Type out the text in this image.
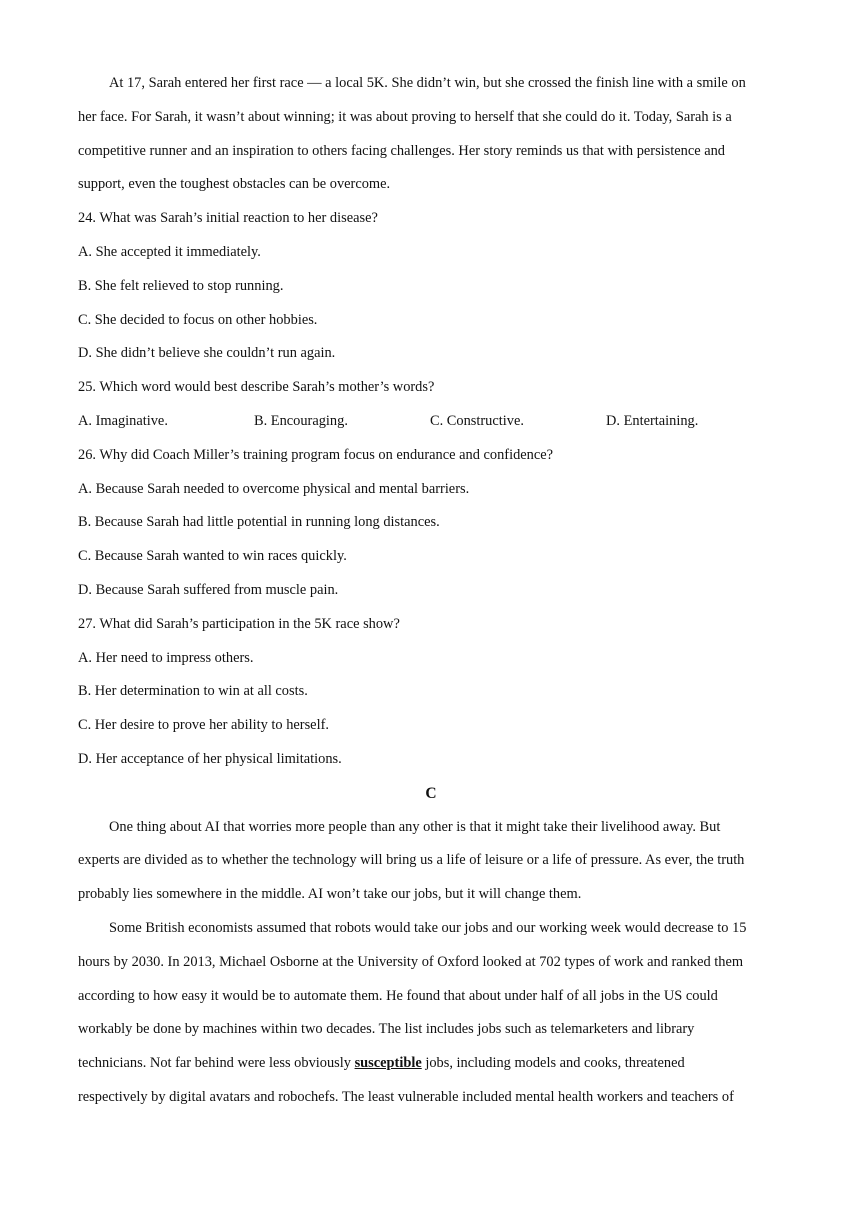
At 17, Sarah entered her first race — a local 5K. She didn’t win, but she crossed the finish line with a smile on
her face. For Sarah, it wasn’t about winning; it was about proving to herself that she could do it. Today, Sarah is a
competitive runner and an inspiration to others facing challenges. Her story reminds us that with persistence and
support, even the toughest obstacles can be overcome.
24. What was Sarah’s initial reaction to her disease?
A. She accepted it immediately.
B. She felt relieved to stop running.
C. She decided to focus on other hobbies.
D. She didn’t believe she couldn’t run again.
25. Which word would best describe Sarah’s mother’s words?
A. Imaginative.	B. Encouraging.	C. Constructive.	D. Entertaining.
26. Why did Coach Miller’s training program focus on endurance and confidence?
A. Because Sarah needed to overcome physical and mental barriers.
B. Because Sarah had little potential in running long distances.
C. Because Sarah wanted to win races quickly.
D. Because Sarah suffered from muscle pain.
27. What did Sarah’s participation in the 5K race show?
A. Her need to impress others.
B. Her determination to win at all costs.
C. Her desire to prove her ability to herself.
D. Her acceptance of her physical limitations.
C
One thing about AI that worries more people than any other is that it might take their livelihood away. But
experts are divided as to whether the technology will bring us a life of leisure or a life of pressure. As ever, the truth
probably lies somewhere in the middle. AI won’t take our jobs, but it will change them.
Some British economists assumed that robots would take our jobs and our working week would decrease to 15
hours by 2030. In 2013, Michael Osborne at the University of Oxford looked at 702 types of work and ranked them
according to how easy it would be to automate them. He found that about under half of all jobs in the US could
workably be done by machines within two decades. The list includes jobs such as telemarketers and library
technicians. Not far behind were less obviously susceptible jobs, including models and cooks, threatened
respectively by digital avatars and robochefs. The least vulnerable included mental health workers and teachers of
